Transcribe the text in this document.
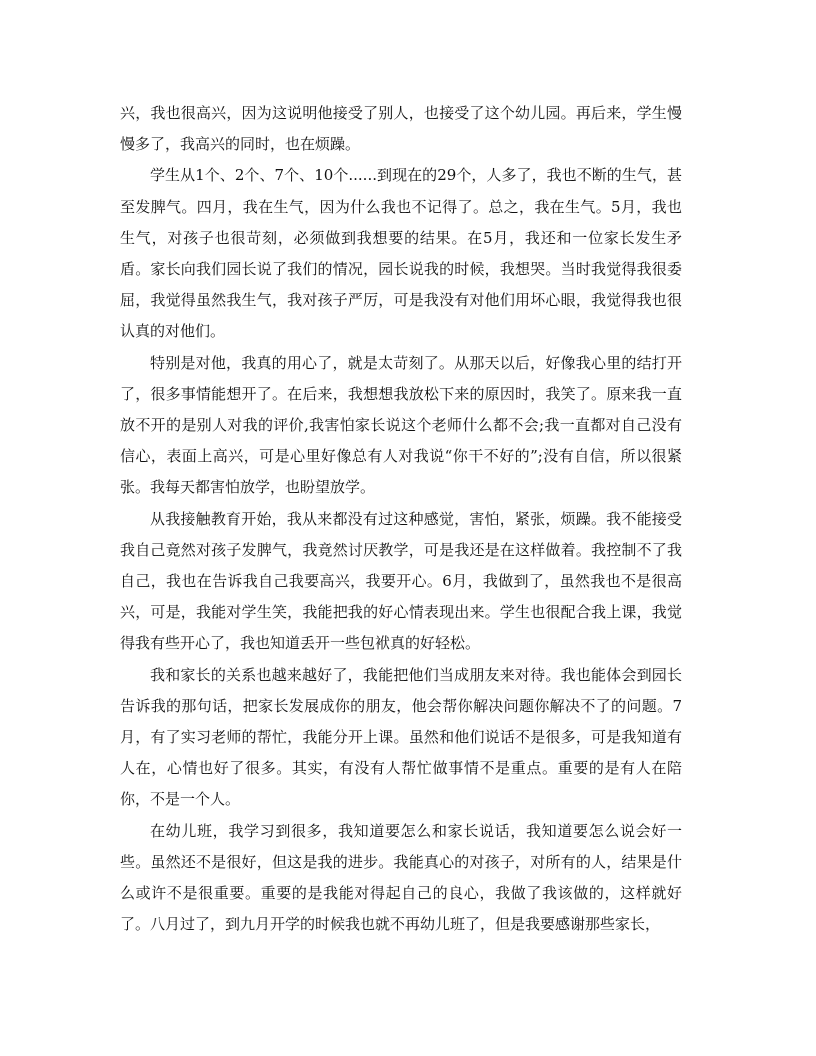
兴，我也很高兴，因为这说明他接受了别人，也接受了这个幼儿园。再后来，学生慢慢多了，我高兴的同时，也在烦躁。

学生从1个、2个、7个、10个......到现在的29个，人多了，我也不断的生气，甚至发脾气。四月，我在生气，因为什么我也不记得了。总之，我在生气。5月，我也生气，对孩子也很苛刻，必须做到我想要的结果。在5月，我还和一位家长发生矛盾。家长向我们园长说了我们的情况，园长说我的时候，我想哭。当时我觉得我很委屈，我觉得虽然我生气，我对孩子严厉，可是我没有对他们用坏心眼，我觉得我也很认真的对他们。

特别是对他，我真的用心了，就是太苛刻了。从那天以后，好像我心里的结打开了，很多事情能想开了。在后来，我想想我放松下来的原因时，我笑了。原来我一直放不开的是别人对我的评价,我害怕家长说这个老师什么都不会;我一直都对自己没有信心，表面上高兴，可是心里好像总有人对我说“你干不好的”;没有自信，所以很紧张。我每天都害怕放学，也盼望放学。

从我接触教育开始，我从来都没有过这种感觉，害怕，紧张，烦躁。我不能接受我自己竟然对孩子发脾气，我竟然讨厌教学，可是我还是在这样做着。我控制不了我自己，我也在告诉我自己我要高兴，我要开心。6月，我做到了，虽然我也不是很高兴，可是，我能对学生笑，我能把我的好心情表现出来。学生也很配合我上课，我觉得我有些开心了，我也知道丢开一些包袱真的好轻松。

我和家长的关系也越来越好了，我能把他们当成朋友来对待。我也能体会到园长告诉我的那句话，把家长发展成你的朋友，他会帮你解决问题你解决不了的问题。7月，有了实习老师的帮忙，我能分开上课。虽然和他们说话不是很多，可是我知道有人在，心情也好了很多。其实，有没有人帮忙做事情不是重点。重要的是有人在陪你，不是一个人。

在幼儿班，我学习到很多，我知道要怎么和家长说话，我知道要怎么说会好一些。虽然还不是很好，但这是我的进步。我能真心的对孩子，对所有的人，结果是什么或许不是很重要。重要的是我能对得起自己的良心，我做了我该做的，这样就好了。八月过了，到九月开学的时候我也就不再幼儿班了，但是我要感谢那些家长，
